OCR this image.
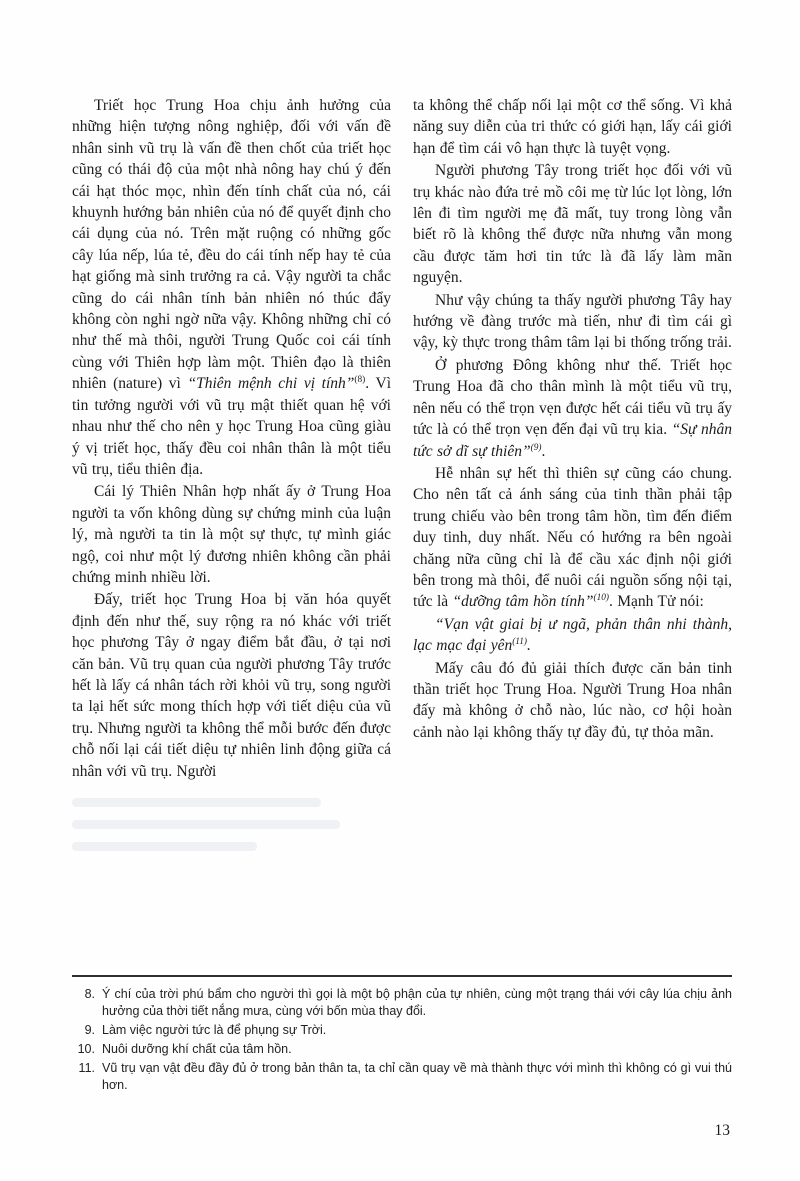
Triết học Trung Hoa chịu ảnh hưởng của những hiện tượng nông nghiệp, đối với vấn đề nhân sinh vũ trụ là vấn đề then chốt của triết học cũng có thái độ của một nhà nông hay chú ý đến cái hạt thóc mọc, nhìn đến tính chất của nó, cái khuynh hướng bản nhiên của nó để quyết định cho cái dụng của nó. Trên mặt ruộng có những gốc cây lúa nếp, lúa tẻ, đều do cái tính nếp hay tẻ của hạt giống mà sinh trưởng ra cả. Vậy người ta chắc cũng do cái nhân tính bản nhiên nó thúc đẩy không còn nghi ngờ nữa vậy. Không những chỉ có như thế mà thôi, người Trung Quốc coi cái tính cùng với Thiên hợp làm một. Thiên đạo là thiên nhiên (nature) vì “Thiên mệnh chi vị tính”$^{(8)}$. Vì tin tưởng người với vũ trụ mật thiết quan hệ với nhau như thế cho nên y học Trung Hoa cũng giàu ý vị triết học, thấy đều coi nhân thân là một tiểu vũ trụ, tiểu thiên địa.

Cái lý Thiên Nhân hợp nhất ấy ở Trung Hoa người ta vốn không dùng sự chứng minh của luận lý, mà người ta tin là một sự thực, tự mình giác ngộ, coi như một lý đương nhiên không cần phải chứng minh nhiều lời.

Đấy, triết học Trung Hoa bị văn hóa quyết định đến như thế, suy rộng ra nó khác với triết học phương Tây ở ngay điểm bắt đầu, ở tại nơi căn bản. Vũ trụ quan của người phương Tây trước hết là lấy cá nhân tách rời khỏi vũ trụ, song người ta lại hết sức mong thích hợp với tiết diệu của vũ trụ. Nhưng người ta không thể mỗi bước đến được chỗ nối lại cái tiết diệu tự nhiên linh động giữa cá nhân với vũ trụ. Người

ta không thể chấp nối lại một cơ thể sống. Vì khả năng suy diễn của tri thức có giới hạn, lấy cái giới hạn để tìm cái vô hạn thực là tuyệt vọng.

Người phương Tây trong triết học đối với vũ trụ khác nào đứa trẻ mồ côi mẹ từ lúc lọt lòng, lớn lên đi tìm người mẹ đã mất, tuy trong lòng vẫn biết rõ là không thể được nữa nhưng vẫn mong cầu được tăm hơi tin tức là đã lấy làm mãn nguyện.

Như vậy chúng ta thấy người phương Tây hay hướng về đàng trước mà tiến, như đi tìm cái gì vậy, kỳ thực trong thâm tâm lại bi thống trống trải.

Ở phương Đông không như thế. Triết học Trung Hoa đã cho thân mình là một tiểu vũ trụ, nên nếu có thể trọn vẹn được hết cái tiểu vũ trụ ấy tức là có thể trọn vẹn đến đại vũ trụ kia. “Sự nhân tức sở dĩ sự thiên”$^{(9)}$.

Hễ nhân sự hết thì thiên sự cũng cáo chung. Cho nên tất cả ánh sáng của tinh thần phải tập trung chiếu vào bên trong tâm hồn, tìm đến điểm duy tinh, duy nhất. Nếu có hướng ra bên ngoài chăng nữa cũng chỉ là để cầu xác định nội giới bên trong mà thôi, để nuôi cái nguồn sống nội tại, tức là “dưỡng tâm hồn tính”$^{(10)}$. Mạnh Tử nói:

“Vạn vật giai bị ư ngã, phản thân nhi thành, lạc mạc đại yên$^{(11)}$.

Mấy câu đó đủ giải thích được căn bản tinh thần triết học Trung Hoa. Người Trung Hoa nhân đấy mà không ở chỗ nào, lúc nào, cơ hội hoàn cảnh nào lại không thấy tự đầy đủ, tự thỏa mãn.

8. Ý chí của trời phú bẩm cho người thì gọi là một bộ phận của tự nhiên, cùng một trạng thái với cây lúa chịu ảnh hưởng của thời tiết nắng mưa, cùng với bốn mùa thay đổi.
9. Làm việc người tức là để phụng sự Trời.
10. Nuôi dưỡng khí chất của tâm hồn.
11. Vũ trụ vạn vật đều đầy đủ ở trong bản thân ta, ta chỉ cần quay về mà thành thực với mình thì không có gì vui thú hơn.
13
